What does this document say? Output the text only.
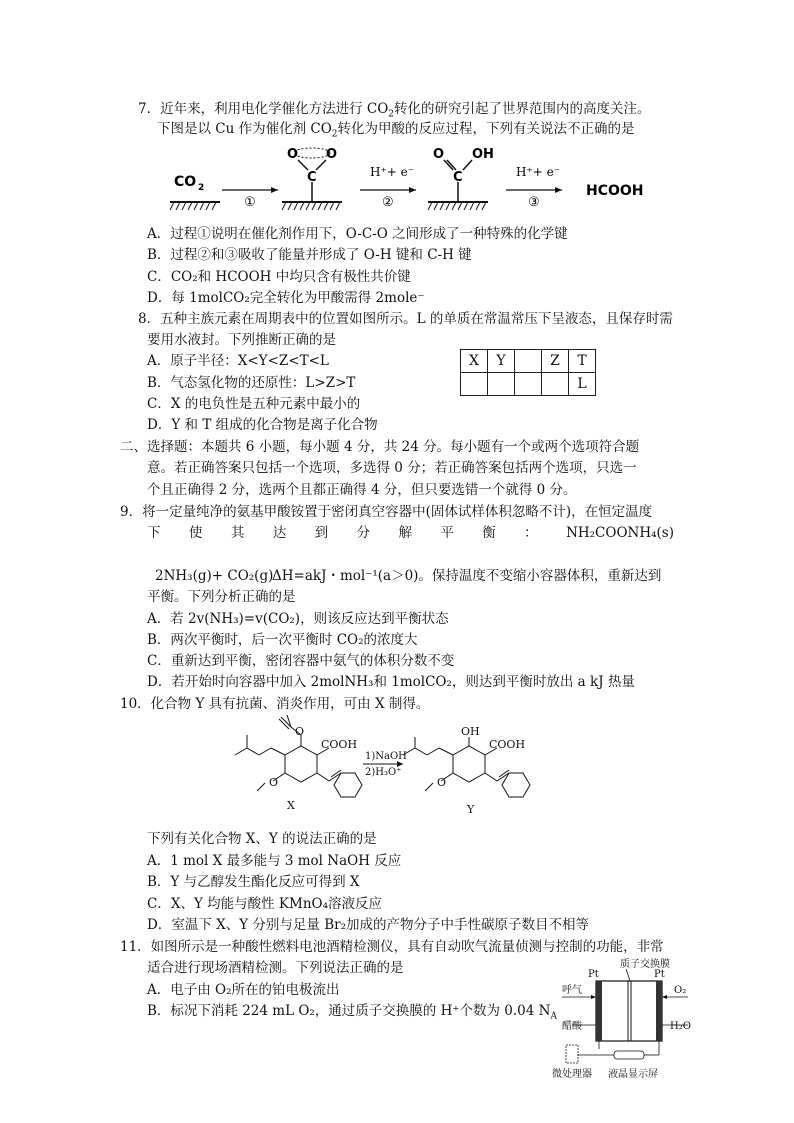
7．近年来，利用电化学催化方法进行 $CO_2$转化的研究引起了世界范围内的高度关注。
下图是以 Cu 作为催化剂 $CO_2$转化为甲酸的反应过程，下列有关说法不正确的是
CO 2
①
C
O O
H⁺+ e⁻
②
C
O OH
H⁺+ e⁻
③
HCOOH
A．过程①说明在催化剂作用下，O-C-O 之间形成了一种特殊的化学键
B．过程②和③吸收了能量并形成了 O-H 键和 C-H 键
C．CO₂和 HCOOH 中均只含有极性共价键
D．每 1molCO₂完全转化为甲酸需得 2mole⁻
8．五种主族元素在周期表中的位置如图所示。L 的单质在常温常压下呈液态，且保存时需
要用水液封。下列推断正确的是
X	Y		Z	T
				L
A．原子半径：X<Y<Z<T<L
B．气态氢化物的还原性：L>Z>T
C．X 的电负性是五种元素中最小的
D．Y 和 T 组成的化合物是离子化合物
二、选择题：本题共 6 小题，每小题 4 分，共 24 分。每小题有一个或两个选项符合题
意。若正确答案只包括一个选项，多选得 0 分；若正确答案包括两个选项，只选一
个且正确得 2 分，选两个且都正确得 4 分，但只要选错一个就得 0 分。
9．将一定量纯净的氨基甲酸铵置于密闭真空容器中(固体试样体积忽略不计)，在恒定温度
下 使 其 达 到 分 解 平 衡 ： NH₂COONH₄(s)
2NH₃(g)+ CO₂(g)
ΔH=akJ・mol⁻¹(a＞0)。保持温度不变缩小容器体积，重新达到
平衡。下列分析正确的是
A．若 2v(NH₃)=v(CO₂)，则该反应达到平衡状态
B．两次平衡时，后一次平衡时 CO₂的浓度大
C．重新达到平衡，密闭容器中氨气的体积分数不变
D．若开始时向容器中加入 2molNH₃和 1molCO₂，则达到平衡时放出 a kJ 热量
10．化合物 Y 具有抗菌、消炎作用，可由 X 制得。
O
O	O
COOH	COOH
OH
X	Y
1)NaOH
2)H₃O⁺
下列有关化合物 X、Y 的说法正确的是
A．1 mol X 最多能与 3 mol NaOH 反应
B．Y 与乙醇发生酯化反应可得到 X
C．X、Y 均能与酸性 KMnO₄溶液反应
D．室温下 X、Y 分别与足量 Br₂加成的产物分子中手性碳原子数目不相等
11．如图所示是一种酸性燃料电池酒精检测仪，具有自动吹气流量侦测与控制的功能，非常
适合进行现场酒精检测。下列说法正确的是
A．电子由 O₂所在的铂电极流出
B．标况下消耗 224 mL O₂，通过质子交换膜的 H⁺个数为 0.04 $N_A$
质子交换膜
Pt	Pt
呼气
醋酸
O₂
H₂O
微处理器 液晶显示屏
